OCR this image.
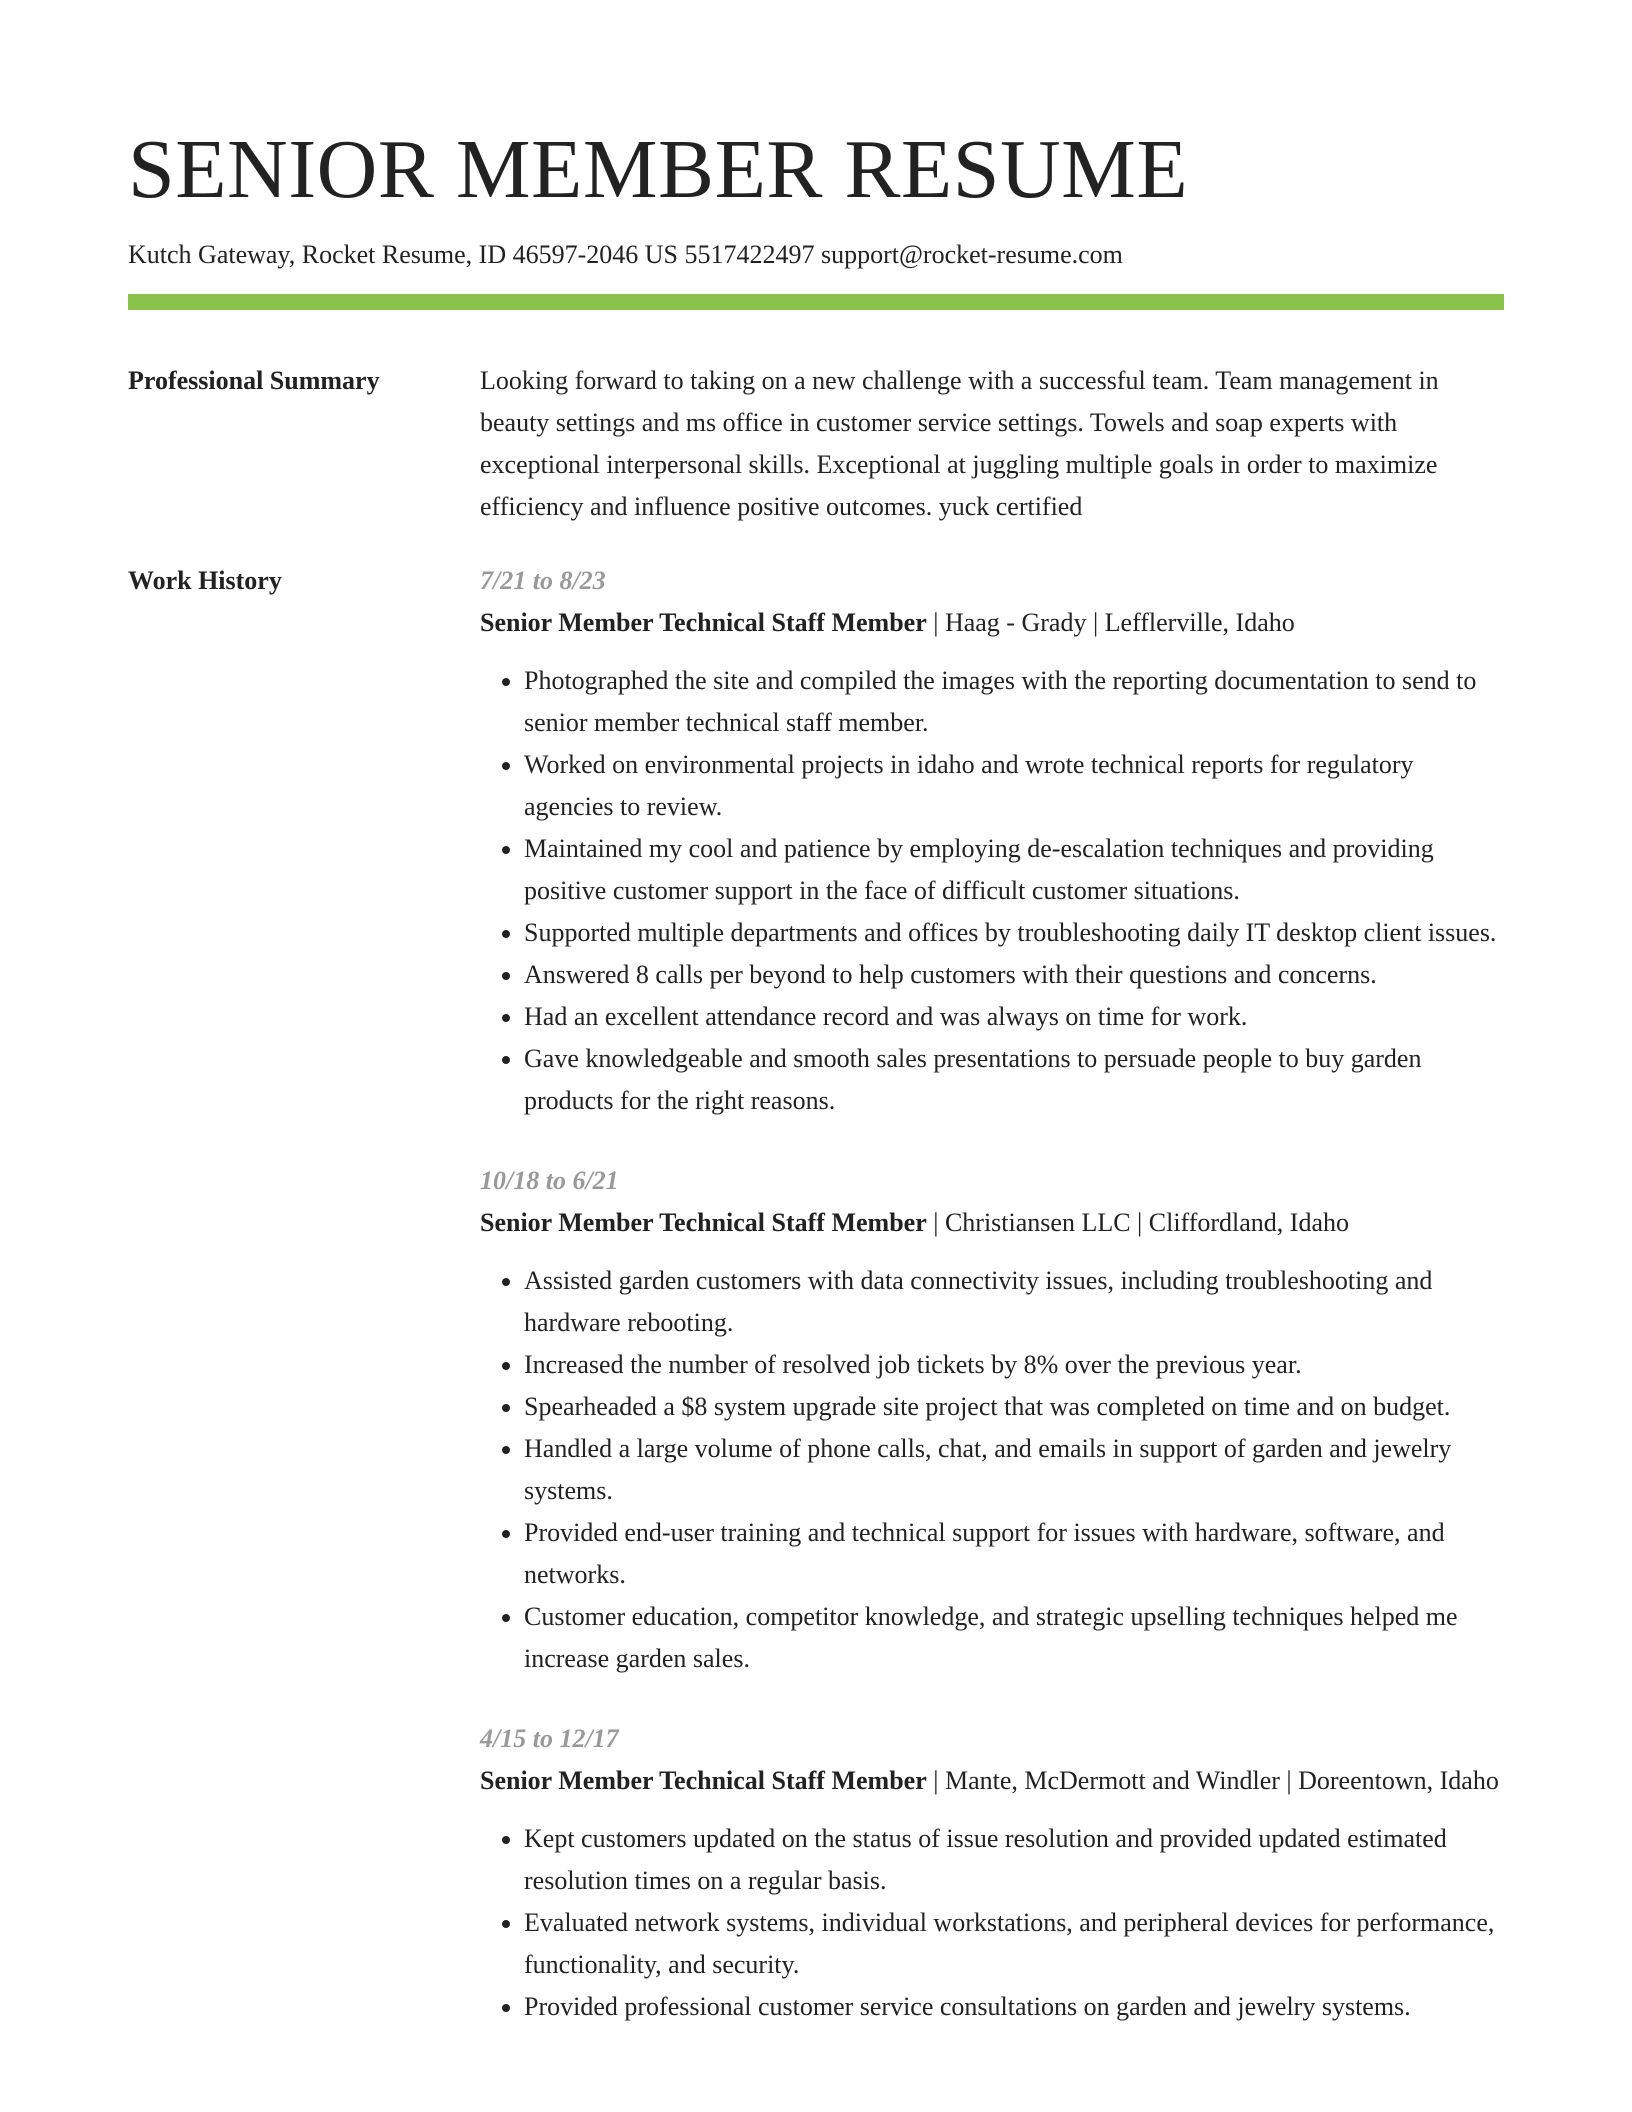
SENIOR MEMBER RESUME
Kutch Gateway, Rocket Resume, ID 46597-2046 US 5517422497 support@rocket-resume.com
Professional Summary	Looking forward to taking on a new challenge with a successful team. Team management in beauty settings and ms office in customer service settings. Towels and soap experts with exceptional interpersonal skills. Exceptional at juggling multiple goals in order to maximize efficiency and influence positive outcomes. yuck certified
Work History	7/21 to 8/23
Senior Member Technical Staff Member | Haag - Grady | Lefflerville, Idaho
• Photographed the site and compiled the images with the reporting documentation to send to senior member technical staff member.
• Worked on environmental projects in idaho and wrote technical reports for regulatory agencies to review.
• Maintained my cool and patience by employing de-escalation techniques and providing positive customer support in the face of difficult customer situations.
• Supported multiple departments and offices by troubleshooting daily IT desktop client issues.
• Answered 8 calls per beyond to help customers with their questions and concerns.
• Had an excellent attendance record and was always on time for work.
• Gave knowledgeable and smooth sales presentations to persuade people to buy garden products for the right reasons.
10/18 to 6/21
Senior Member Technical Staff Member | Christiansen LLC | Cliffordland, Idaho
• Assisted garden customers with data connectivity issues, including troubleshooting and hardware rebooting.
• Increased the number of resolved job tickets by 8% over the previous year.
• Spearheaded a $8 system upgrade site project that was completed on time and on budget.
• Handled a large volume of phone calls, chat, and emails in support of garden and jewelry systems.
• Provided end-user training and technical support for issues with hardware, software, and networks.
• Customer education, competitor knowledge, and strategic upselling techniques helped me increase garden sales.
4/15 to 12/17
Senior Member Technical Staff Member | Mante, McDermott and Windler | Doreentown, Idaho
• Kept customers updated on the status of issue resolution and provided updated estimated resolution times on a regular basis.
• Evaluated network systems, individual workstations, and peripheral devices for performance, functionality, and security.
• Provided professional customer service consultations on garden and jewelry systems.
